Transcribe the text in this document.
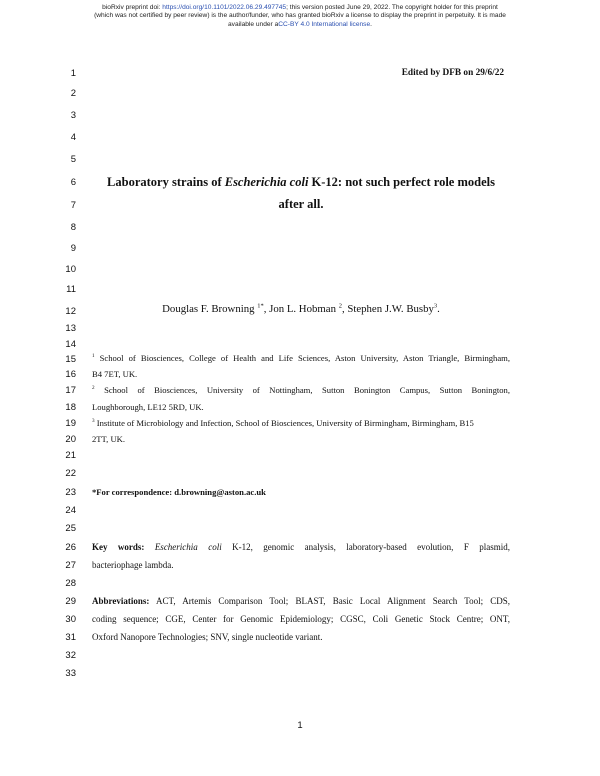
bioRxiv preprint doi: https://doi.org/10.1101/2022.06.29.497745; this version posted June 29, 2022. The copyright holder for this preprint
(which was not certified by peer review) is the author/funder, who has granted bioRxiv a license to display the preprint in perpetuity. It is made
available under aCC-BY 4.0 International license.
1
2
3
4
5
6
7
8
9
10
11
12
13
14
15
16
17
18
19
20
21
22
23
24
25
26
27
28
29
30
31
32
33
Edited by DFB on 29/6/22
Laboratory strains of Escherichia coli K-12: not such perfect role models
after all.
Douglas F. Browning $^{1*}$, Jon L. Hobman $^2$, Stephen J.W. Busby$^3$.
$^1$ School of Biosciences, College of Health and Life Sciences, Aston University, Aston Triangle, Birmingham,
B4 7ET, UK.
$^2$ School of Biosciences, University of Nottingham, Sutton Bonington Campus, Sutton Bonington,
Loughborough, LE12 5RD, UK.
$^3$ Institute of Microbiology and Infection, School of Biosciences, University of Birmingham, Birmingham, B15
2TT, UK.
*For correspondence: d.browning@aston.ac.uk
Key words: Escherichia coli K-12, genomic analysis, laboratory-based evolution, F plasmid,
bacteriophage lambda.
Abbreviations: ACT, Artemis Comparison Tool; BLAST, Basic Local Alignment Search Tool; CDS,
coding sequence; CGE, Center for Genomic Epidemiology; CGSC, Coli Genetic Stock Centre; ONT,
Oxford Nanopore Technologies; SNV, single nucleotide variant.
1
